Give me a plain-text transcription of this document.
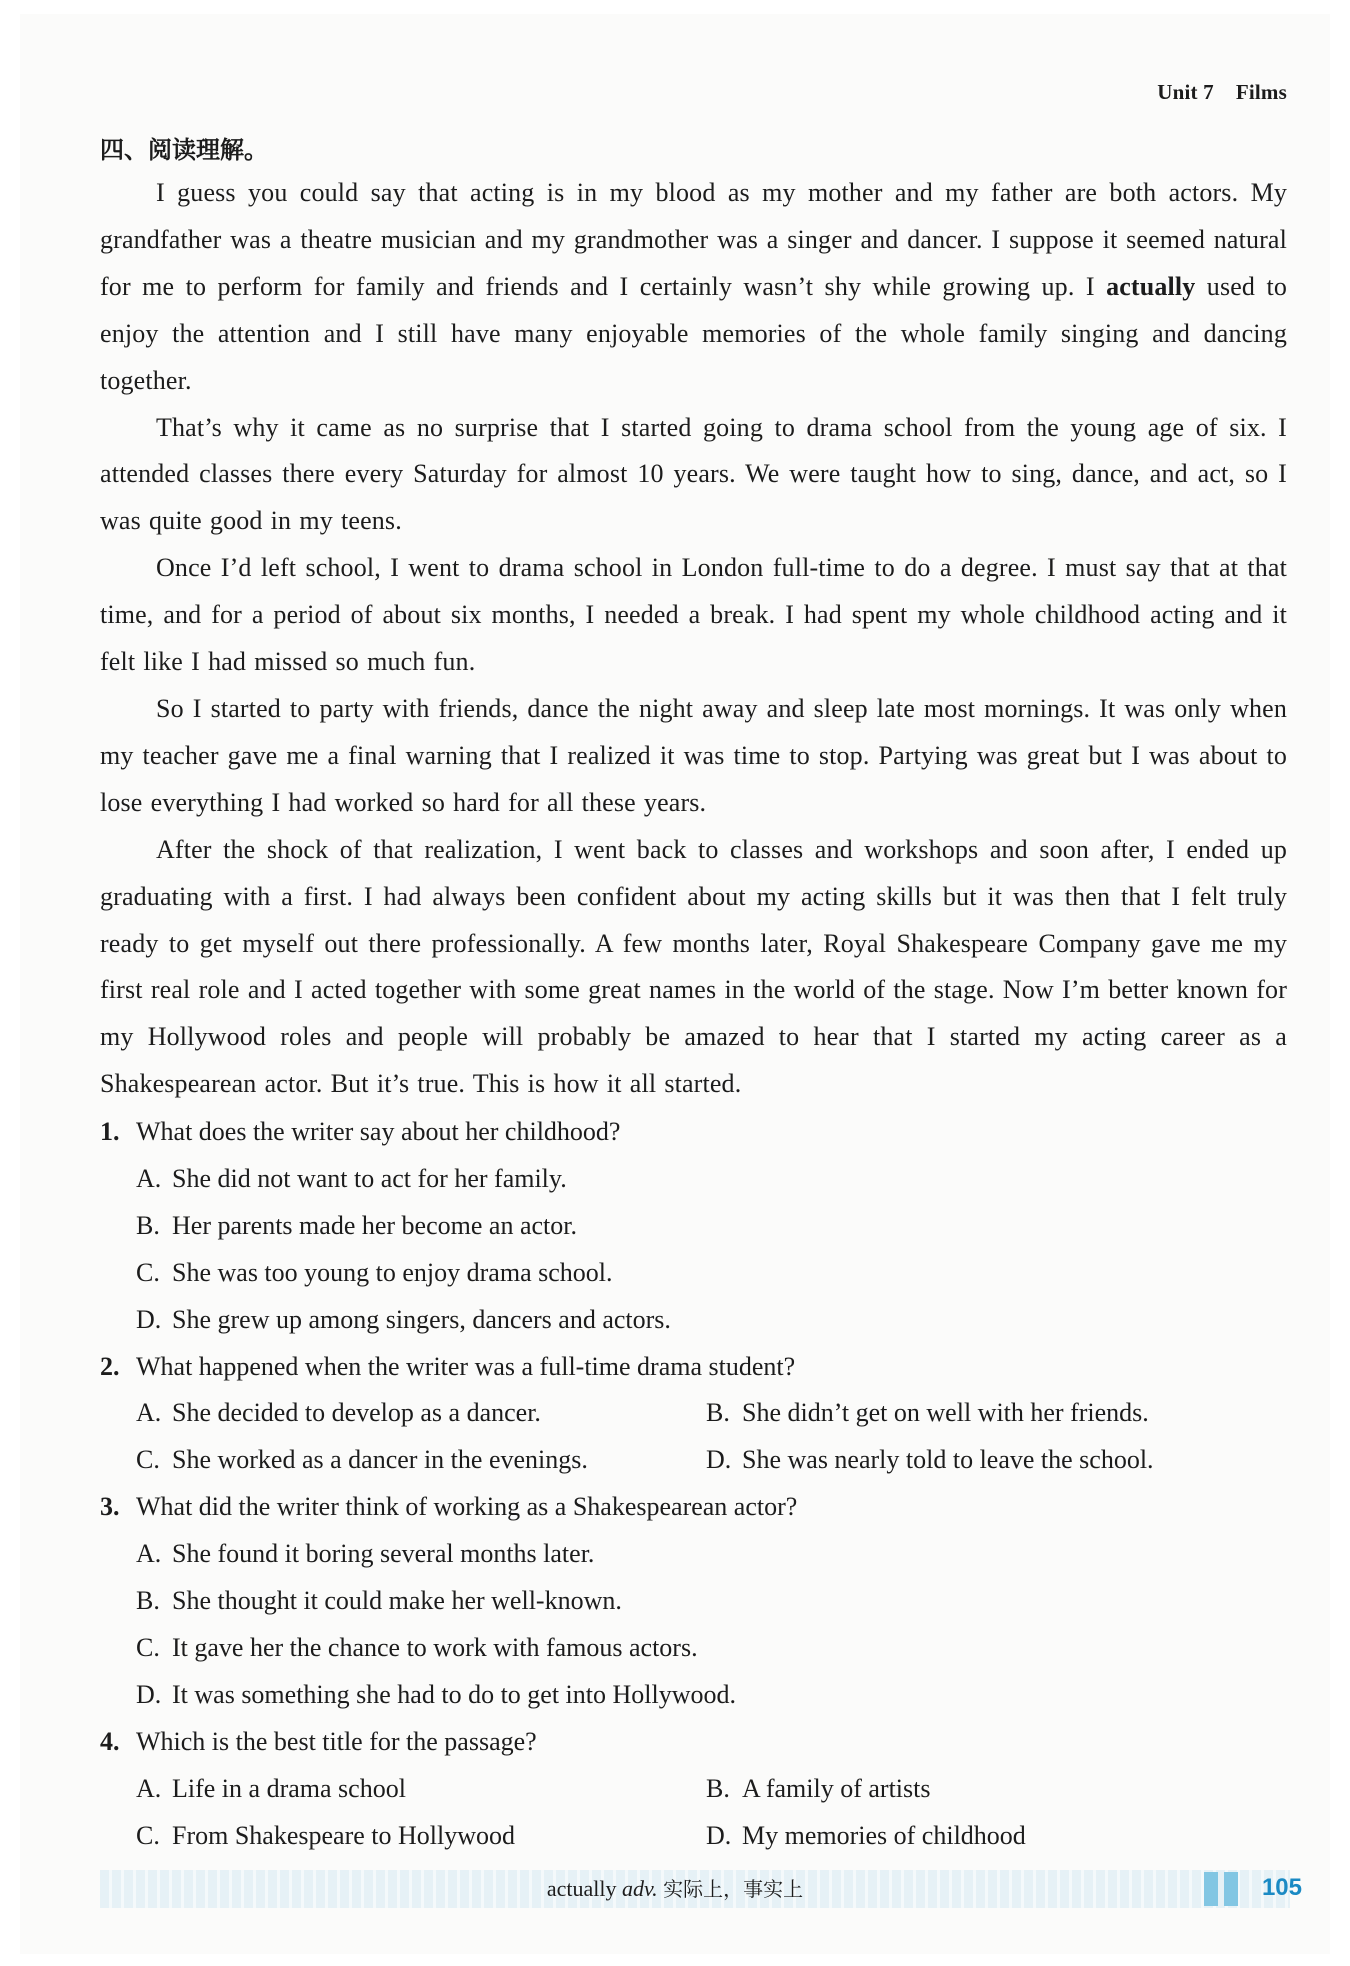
Unit 7 Films
四、阅读理解。

I guess you could say that acting is in my blood as my mother and my father are both actors. My grandfather was a theatre musician and my grandmother was a singer and dancer. I suppose it seemed natural for me to perform for family and friends and I certainly wasn’t shy while growing up. I actually used to enjoy the attention and I still have many enjoyable memories of the whole family singing and dancing together.

That’s why it came as no surprise that I started going to drama school from the young age of six. I attended classes there every Saturday for almost 10 years. We were taught how to sing, dance, and act, so I was quite good in my teens.

Once I’d left school, I went to drama school in London full-time to do a degree. I must say that at that time, and for a period of about six months, I needed a break. I had spent my whole childhood acting and it felt like I had missed so much fun.

So I started to party with friends, dance the night away and sleep late most mornings. It was only when my teacher gave me a final warning that I realized it was time to stop. Partying was great but I was about to lose everything I had worked so hard for all these years.

After the shock of that realization, I went back to classes and workshops and soon after, I ended up graduating with a first. I had always been confident about my acting skills but it was then that I felt truly ready to get myself out there professionally. A few months later, Royal Shakespeare Company gave me my first real role and I acted together with some great names in the world of the stage. Now I’m better known for my Hollywood roles and people will probably be amazed to hear that I started my acting career as a Shakespearean actor. But it’s true. This is how it all started.

1. What does the writer say about her childhood?
A. She did not want to act for her family.
B. Her parents made her become an actor.
C. She was too young to enjoy drama school.
D. She grew up among singers, dancers and actors.
2. What happened when the writer was a full-time drama student?
A. She decided to develop as a dancer.	B. She didn’t get on well with her friends.
C. She worked as a dancer in the evenings.	D. She was nearly told to leave the school.
3. What did the writer think of working as a Shakespearean actor?
A. She found it boring several months later.
B. She thought it could make her well-known.
C. It gave her the chance to work with famous actors.
D. It was something she had to do to get into Hollywood.
4. Which is the best title for the passage?
A. Life in a drama school	B. A family of artists
C. From Shakespeare to Hollywood	D. My memories of childhood
actually adv. 实际上，事实上	105
